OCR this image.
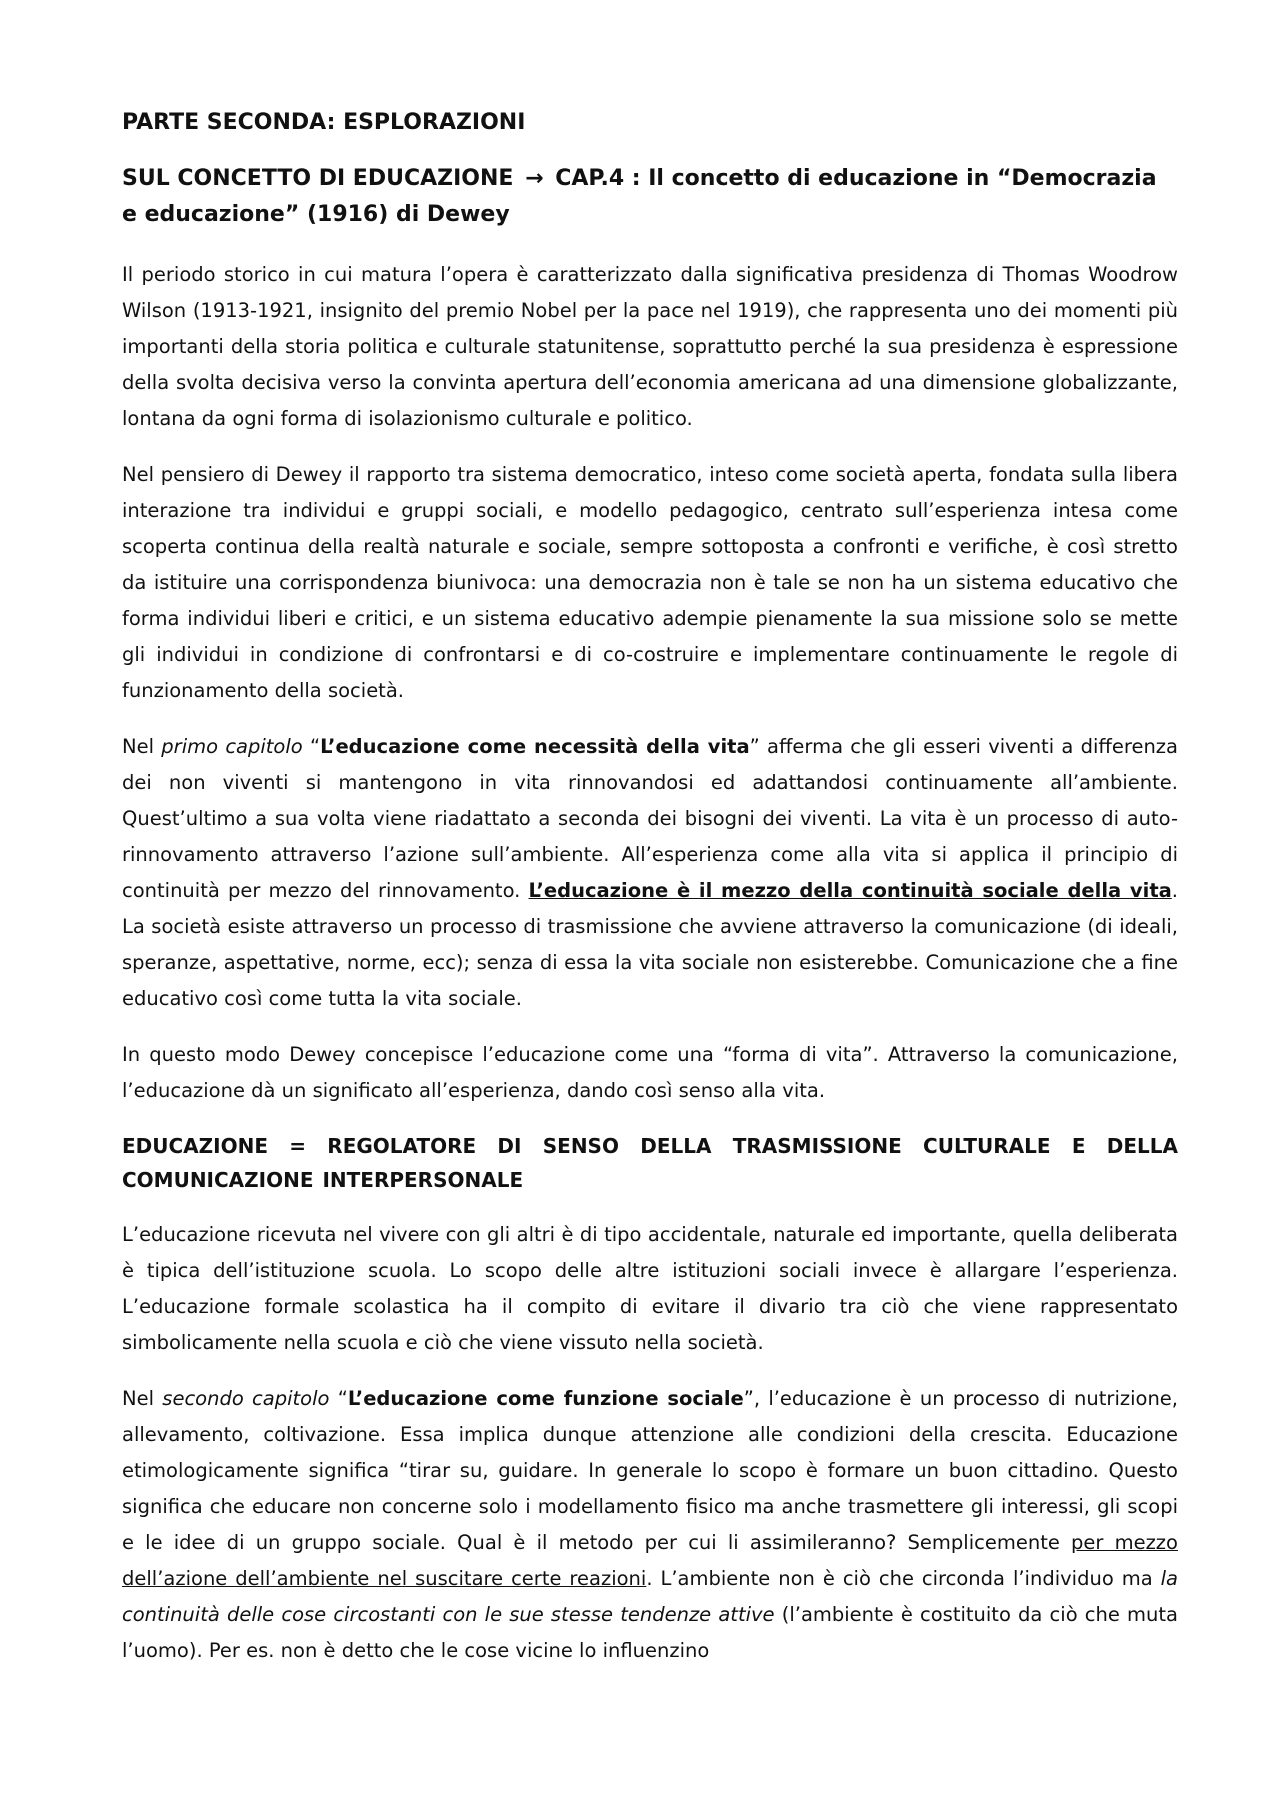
PARTE SECONDA: ESPLORAZIONI
SUL CONCETTO DI EDUCAZIONE → CAP.4 : Il concetto di educazione in “Democrazia e educazione” (1916) di Dewey

Il periodo storico in cui matura l’opera è caratterizzato dalla significativa presidenza di Thomas Woodrow Wilson (1913-1921, insignito del premio Nobel per la pace nel 1919), che rappresenta uno dei momenti più importanti della storia politica e culturale statunitense, soprattutto perché la sua presidenza è espressione della svolta decisiva verso la convinta apertura dell’economia americana ad una dimensione globalizzante, lontana da ogni forma di isolazionismo culturale e politico.

Nel pensiero di Dewey il rapporto tra sistema democratico, inteso come società aperta, fondata sulla libera interazione tra individui e gruppi sociali, e modello pedagogico, centrato sull’esperienza intesa come scoperta continua della realtà naturale e sociale, sempre sottoposta a confronti e verifiche, è così stretto da istituire una corrispondenza biunivoca: una democrazia non è tale se non ha un sistema educativo che forma individui liberi e critici, e un sistema educativo adempie pienamente la sua missione solo se mette gli individui in condizione di confrontarsi e di co-costruire e implementare continuamente le regole di funzionamento della società.

Nel primo capitolo “L’educazione come necessità della vita” afferma che gli esseri viventi a differenza dei non viventi si mantengono in vita rinnovandosi ed adattandosi continuamente all’ambiente. Quest’ultimo a sua volta viene riadattato a seconda dei bisogni dei viventi. La vita è un processo di auto-rinnovamento attraverso l’azione sull’ambiente. All’esperienza come alla vita si applica il principio di continuità per mezzo del rinnovamento. L’educazione è il mezzo della continuità sociale della vita. La società esiste attraverso un processo di trasmissione che avviene attraverso la comunicazione (di ideali, speranze, aspettative, norme, ecc); senza di essa la vita sociale non esisterebbe. Comunicazione che a fine educativo così come tutta la vita sociale.

In questo modo Dewey concepisce l’educazione come una “forma di vita”. Attraverso la comunicazione, l’educazione dà un significato all’esperienza, dando così senso alla vita.

EDUCAZIONE = REGOLATORE DI SENSO DELLA TRASMISSIONE CULTURALE E DELLA COMUNICAZIONE INTERPERSONALE

L’educazione ricevuta nel vivere con gli altri è di tipo accidentale, naturale ed importante, quella deliberata è tipica dell’istituzione scuola. Lo scopo delle altre istituzioni sociali invece è allargare l’esperienza. L’educazione formale scolastica ha il compito di evitare il divario tra ciò che viene rappresentato simbolicamente nella scuola e ciò che viene vissuto nella società.

Nel secondo capitolo “L’educazione come funzione sociale”, l’educazione è un processo di nutrizione, allevamento, coltivazione. Essa implica dunque attenzione alle condizioni della crescita. Educazione etimologicamente significa “tirar su, guidare. In generale lo scopo è formare un buon cittadino. Questo significa che educare non concerne solo i modellamento fisico ma anche trasmettere gli interessi, gli scopi e le idee di un gruppo sociale. Qual è il metodo per cui li assimileranno? Semplicemente per mezzo dell’azione dell’ambiente nel suscitare certe reazioni. L’ambiente non è ciò che circonda l’individuo ma la continuità delle cose circostanti con le sue stesse tendenze attive (l’ambiente è costituito da ciò che muta l’uomo). Per es. non è detto che le cose vicine lo influenzino
